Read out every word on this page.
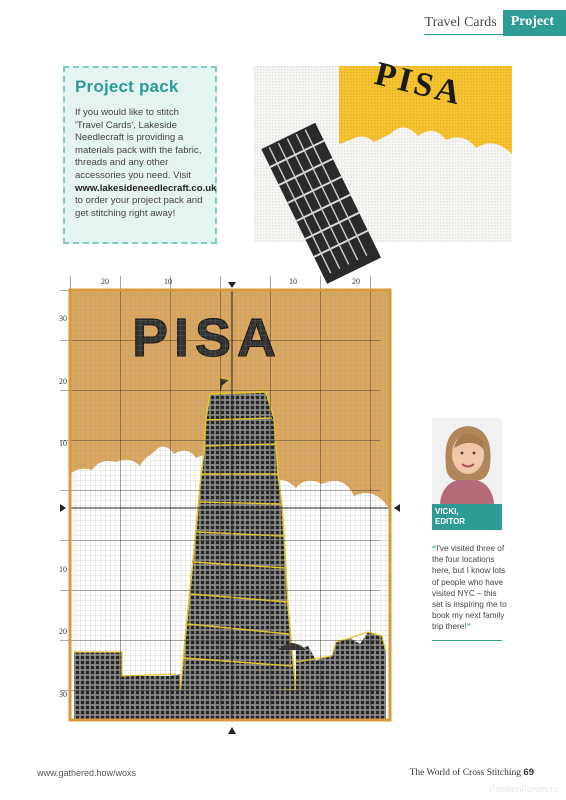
Travel Cards	Project
Project pack

If you would like to stitch 'Travel Cards', Lakeside Needlecraft is providing a materials pack with the fabric, threads and any other accessories you need. Visit www.lakesideneedlecraft.co.uk to order your project pack and get stitching right away!

PISA
VICKI,
EDITOR
“I've visited three of the four locations here, but I know lots of people who have visited NYC – this set is inspiring me to book my next family trip there!”
www.gathered.how/woxs	The World of Cross Stitching 69
PassionForum.ru
